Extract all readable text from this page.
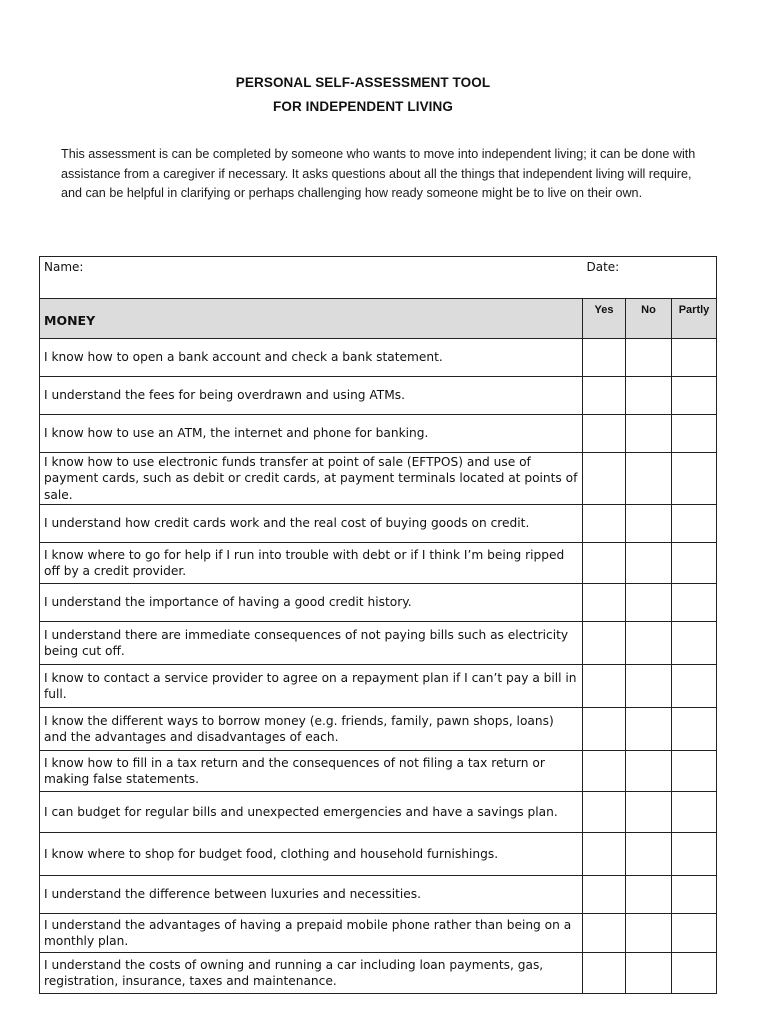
PERSONAL SELF-ASSESSMENT TOOL
FOR INDEPENDENT LIVING
This assessment is can be completed by someone who wants to move into independent living; it can be done with assistance from a caregiver if necessary. It asks questions about all the things that independent living will require, and can be helpful in clarifying or perhaps challenging how ready someone might be to live on their own.
Name:	Date:		
MONEY	Yes	No	Partly
I know how to open a bank account and check a bank statement.			
I understand the fees for being overdrawn and using ATMs.			
I know how to use an ATM, the internet and phone for banking.			
I know how to use electronic funds transfer at point of sale (EFTPOS) and use of payment cards, such as debit or credit cards, at payment terminals located at points of sale.			
I understand how credit cards work and the real cost of buying goods on credit.			
I know where to go for help if I run into trouble with debt or if I think I’m being ripped off by a credit provider.			
I understand the importance of having a good credit history.			
I understand there are immediate consequences of not paying bills such as electricity being cut off.			
I know to contact a service provider to agree on a repayment plan if I can’t pay a bill in full.			
I know the different ways to borrow money (e.g. friends, family, pawn shops, loans) and the advantages and disadvantages of each.			
I know how to fill in a tax return and the consequences of not filing a tax return or making false statements.			
I can budget for regular bills and unexpected emergencies and have a savings plan.			
I know where to shop for budget food, clothing and household furnishings.			
I understand the difference between luxuries and necessities.			
I understand the advantages of having a prepaid mobile phone rather than being on a monthly plan.			
I understand the costs of owning and running a car including loan payments, gas, registration, insurance, taxes and maintenance.			
